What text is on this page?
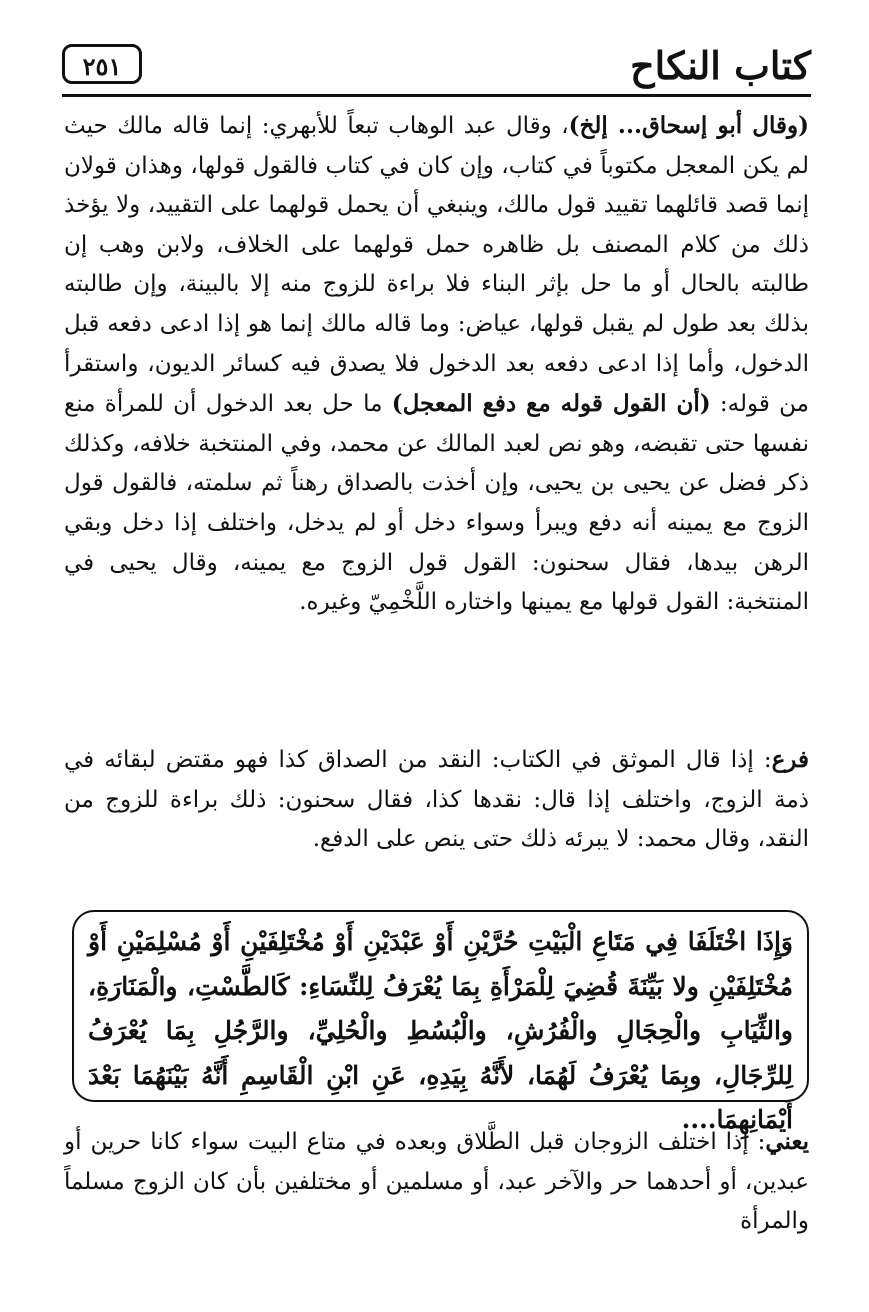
كتاب النكاح
٢٥١

(وقال أبو إسحاق... إلخ)، وقال عبد الوهاب تبعاً للأبهري: إنما قاله مالك حيث لم يكن المعجل مكتوباً في كتاب، وإن كان في كتاب فالقول قولها، وهذان قولان إنما قصد قائلهما تقييد قول مالك، وينبغي أن يحمل قولهما على التقييد، ولا يؤخذ ذلك من كلام المصنف بل ظاهره حمل قولهما على الخلاف، ولابن وهب إن طالبته بالحال أو ما حل بإثر البناء فلا براءة للزوج منه إلا بالبينة، وإن طالبته بذلك بعد طول لم يقبل قولها، عياض: وما قاله مالك إنما هو إذا ادعى دفعه قبل الدخول، وأما إذا ادعى دفعه بعد الدخول فلا يصدق فيه كسائر الديون، واستقرأ من قوله: (أن القول قوله مع دفع المعجل) ما حل بعد الدخول أن للمرأة منع نفسها حتى تقبضه، وهو نص لعبد المالك عن محمد، وفي المنتخبة خلافه، وكذلك ذكر فضل عن يحيى بن يحيى، وإن أخذت بالصداق رهناً ثم سلمته، فالقول قول الزوج مع يمينه أنه دفع ويبرأ وسواء دخل أو لم يدخل، واختلف إذا دخل وبقي الرهن بيدها، فقال سحنون: القول قول الزوج مع يمينه، وقال يحيى في المنتخبة: القول قولها مع يمينها واختاره اللَّخْمِيّ وغيره.

فرع: إذا قال الموثق في الكتاب: النقد من الصداق كذا فهو مقتض لبقائه في ذمة الزوج، واختلف إذا قال: نقدها كذا، فقال سحنون: ذلك براءة للزوج من النقد، وقال محمد: لا يبرئه ذلك حتى ينص على الدفع.

وَإِذَا اخْتَلَفَا فِي مَتَاعِ الْبَيْتِ حُرَّيْنِ أَوْ عَبْدَيْنِ أَوْ مُخْتَلِفَيْنِ أَوْ مُسْلِمَيْنِ أَوْ مُخْتَلِفَيْنِ ولا بَيِّنَةَ قُضِيَ لِلْمَرْأَةِ بِمَا يُعْرَفُ لِلنِّسَاءِ: كَالطَّسْتِ، والْمَنَارَةِ، والثِّيَابِ والْحِجَالِ والْفُرُشِ، والْبُسُطِ والْحُلِيِّ، والرَّجُلِ بِمَا يُعْرَفُ لِلرِّجَالِ، وبِمَا يُعْرَفُ لَهُمَا، لأَنَّهُ بِيَدِهِ، عَنِ ابْنِ الْقَاسِمِ أَنَّهُ بَيْنَهُمَا بَعْدَ أَيْمَانِهِمَا....

يعني: إذا اختلف الزوجان قبل الطَّلاق وبعده في متاع البيت سواء كانا حرين أو عبدين، أو أحدهما حر والآخر عبد، أو مسلمين أو مختلفين بأن كان الزوج مسلماً والمرأة
